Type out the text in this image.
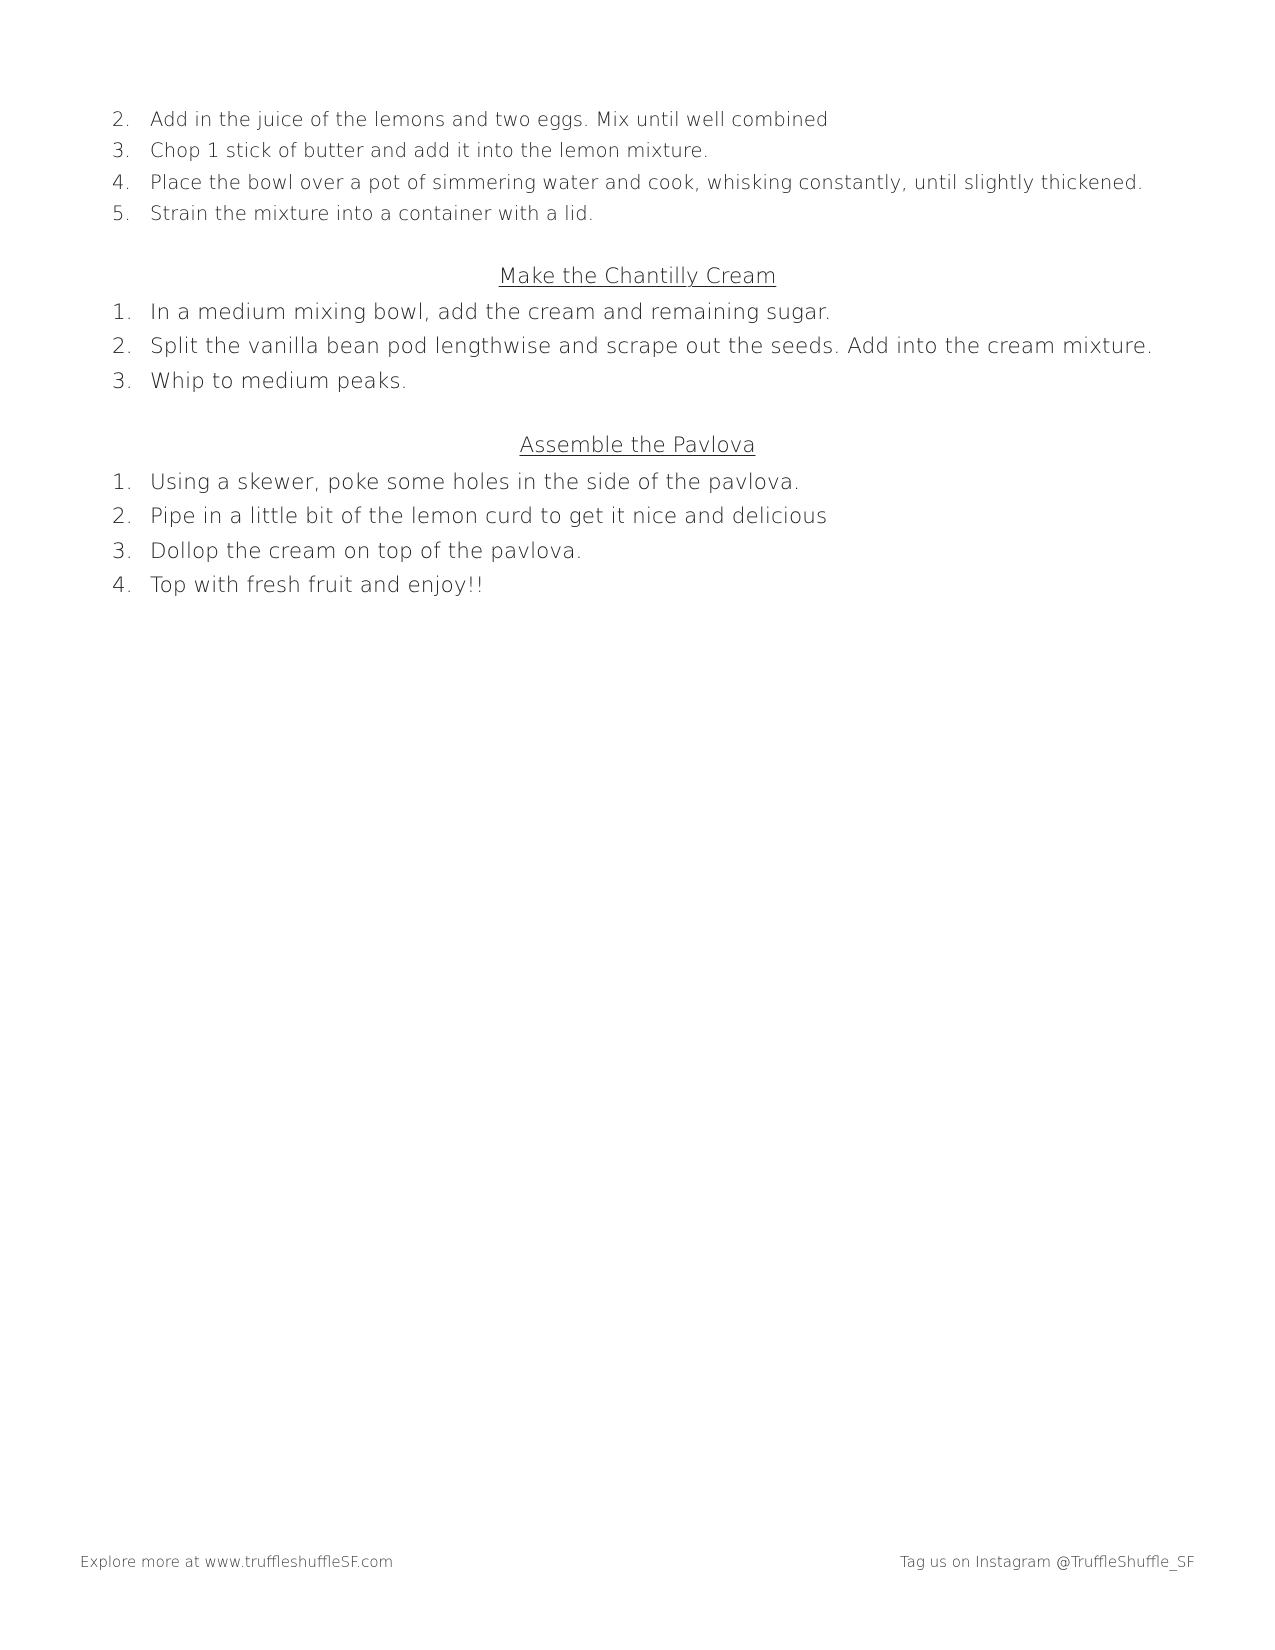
2. Add in the juice of the lemons and two eggs. Mix until well combined
3. Chop 1 stick of butter and add it into the lemon mixture.
4. Place the bowl over a pot of simmering water and cook, whisking constantly, until slightly thickened.
5. Strain the mixture into a container with a lid.
Make the Chantilly Cream
1. In a medium mixing bowl, add the cream and remaining sugar.
2. Split the vanilla bean pod lengthwise and scrape out the seeds. Add into the cream mixture.
3. Whip to medium peaks.
Assemble the Pavlova
1. Using a skewer, poke some holes in the side of the pavlova.
2. Pipe in a little bit of the lemon curd to get it nice and delicious
3. Dollop the cream on top of the pavlova.
4. Top with fresh fruit and enjoy!!
Explore more at www.truffleshuffleSF.com	Tag us on Instagram @TruffleShuffle_SF
